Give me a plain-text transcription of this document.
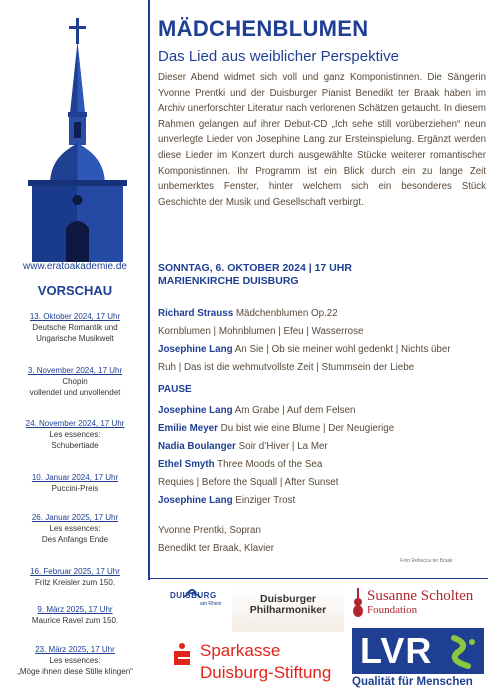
www.eratoakademie.de
VORSCHAU
13. Oktober 2024, 17 Uhr
Deutsche Romantik und
Ungarische Musikwelt
3. November 2024, 17 Uhr
Chopin
vollendet und unvollendet
24. November 2024, 17 Uhr
Les essences:
Schubertiade
10. Januar 2024, 17 Uhr
Puccini-Preis
26. Januar 2025, 17 Uhr
Les essences:
Des Anfangs Ende
16. Februar 2025, 17 Uhr
Fritz Kreisler zum 150.
9. März 2025, 17 Uhr
Maurice Ravel zum 150.
23. März 2025, 17 Uhr
Les essences:
„Möge ihnen diese Stille klingen“
MÄDCHENBLUMEN
Das Lied aus weiblicher Perspektive
Dieser Abend widmet sich voll und ganz Komponistinnen. Die Sängerin Yvonne Prentki und der Duisburger Pianist Benedikt ter Braak haben im Archiv unerforschter Literatur nach verlorenen Schätzen getaucht. In diesem Rahmen gelangen auf ihrer Debut-CD „Ich sehe still vorüberziehen“ neun unverlegte Lieder von Josephine Lang zur Ersteinspielung. Ergänzt werden diese Lieder im Konzert durch ausgewählte Stücke weiterer romantischer Komponistinnen. Ihr Programm ist ein Blick durch ein zu lange Zeit unbemerktes Fenster, hinter welchem sich ein besonderes Stück Geschichte der Musik und Gesellschaft verbirgt.
SONNTAG, 6. OKTOBER 2024 | 17 UHR
MARIENKIRCHE DUISBURG
Richard Strauss Mädchenblumen Op.22
Kornblumen | Mohnblumen | Efeu | Wasserrose
Josephine Lang An Sie | Ob sie meiner wohl gedenkt | Nichts über
Ruh | Das ist die wehmutvollste Zeit | Stummsein der Liebe
PAUSE
Josephine Lang Am Grabe | Auf dem Felsen
Emilie Meyer Du bist wie eine Blume | Der Neugierige
Nadia Boulanger Soir d’Hiver | La Mer
Ethel Smyth Three Moods of the Sea
Requies | Before the Squall | After Sunset
Josephine Lang Einziger Trost
Yvonne Prentki, Sopran
Benedikt ter Braak, Klavier
Foto Rebecca ter Braak
DUISBURG
am Rhein	Duisburger
Philharmoniker
Susanne Scholten
Foundation
Sparkasse
Duisburg-Stiftung
LVR
Qualität für Menschen
